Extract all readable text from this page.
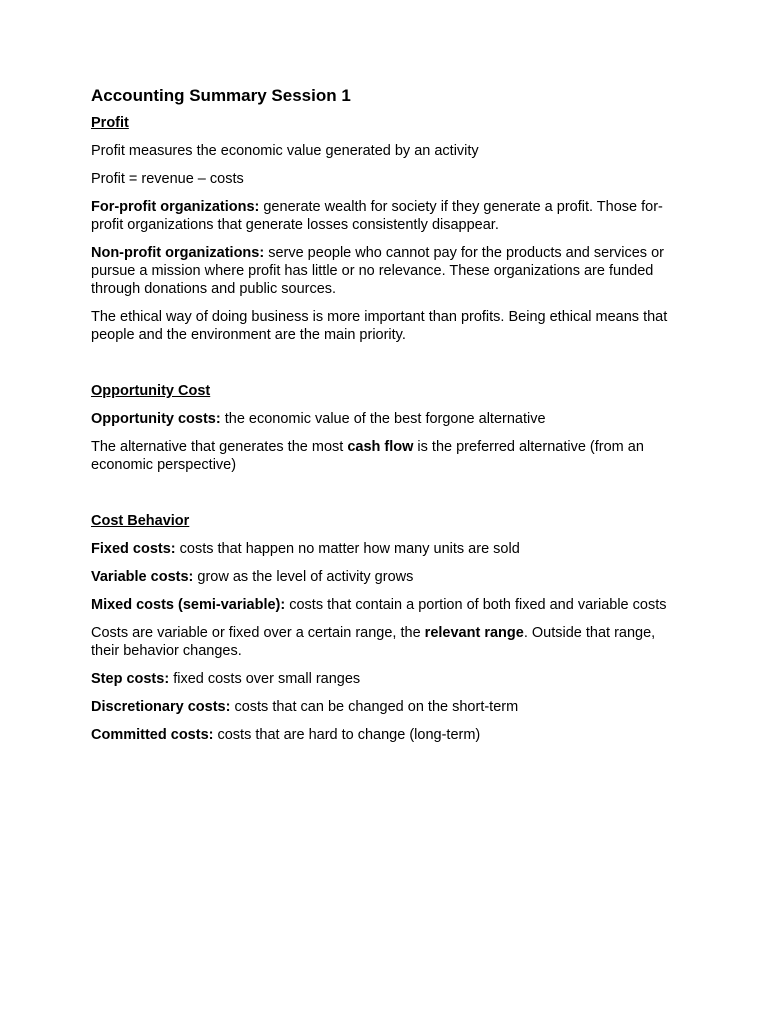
Accounting Summary Session 1
Profit
Profit measures the economic value generated by an activity
Profit = revenue – costs
For-profit organizations: generate wealth for society if they generate a profit. Those for-profit organizations that generate losses consistently disappear.
Non-profit organizations: serve people who cannot pay for the products and services or pursue a mission where profit has little or no relevance. These organizations are funded through donations and public sources.
The ethical way of doing business is more important than profits. Being ethical means that people and the environment are the main priority.
Opportunity Cost
Opportunity costs: the economic value of the best forgone alternative
The alternative that generates the most cash flow is the preferred alternative (from an economic perspective)
Cost Behavior
Fixed costs: costs that happen no matter how many units are sold
Variable costs: grow as the level of activity grows
Mixed costs (semi-variable): costs that contain a portion of both fixed and variable costs
Costs are variable or fixed over a certain range, the relevant range. Outside that range, their behavior changes.
Step costs: fixed costs over small ranges
Discretionary costs: costs that can be changed on the short-term
Committed costs: costs that are hard to change (long-term)
